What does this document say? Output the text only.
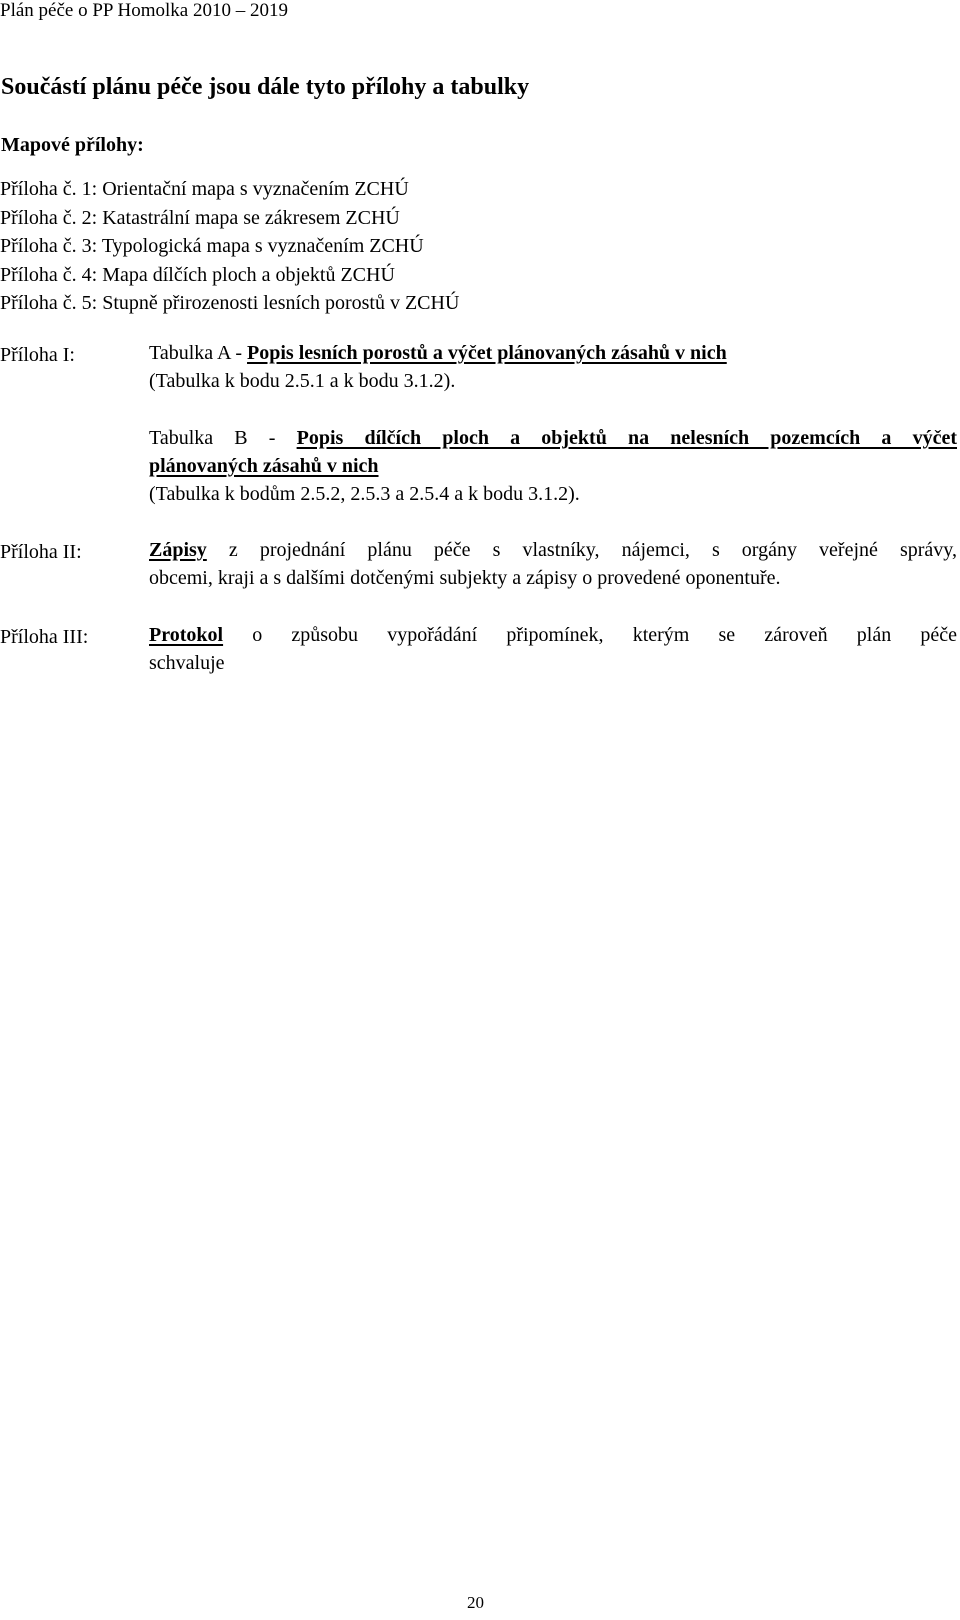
Plán péče o PP Homolka 2010 – 2019
Součástí plánu péče jsou dále tyto přílohy a tabulky
Mapové přílohy:
Příloha č. 1: Orientační mapa s vyznačením ZCHÚ
Příloha č. 2: Katastrální mapa se zákresem ZCHÚ
Příloha č. 3: Typologická mapa s vyznačením ZCHÚ
Příloha č. 4: Mapa dílčích ploch a objektů ZCHÚ
Příloha č. 5: Stupně přirozenosti lesních porostů v ZCHÚ
Příloha I:	Tabulka A - Popis lesních porostů a výčet plánovaných zásahů v nich
(Tabulka k bodu 2.5.1 a k bodu 3.1.2).
Tabulka B - Popis dílčích ploch a objektů na nelesních pozemcích a výčet
plánovaných zásahů v nich
(Tabulka k bodům 2.5.2, 2.5.3 a 2.5.4 a k bodu 3.1.2).
Příloha II:	Zápisy z projednání plánu péče s vlastníky, nájemci, s orgány veřejné správy,
obcemi, kraji a s dalšími dotčenými subjekty a zápisy o provedené oponentuře.
Příloha III:	Protokol o způsobu vypořádání připomínek, kterým se zároveň plán péče
schvaluje
20
